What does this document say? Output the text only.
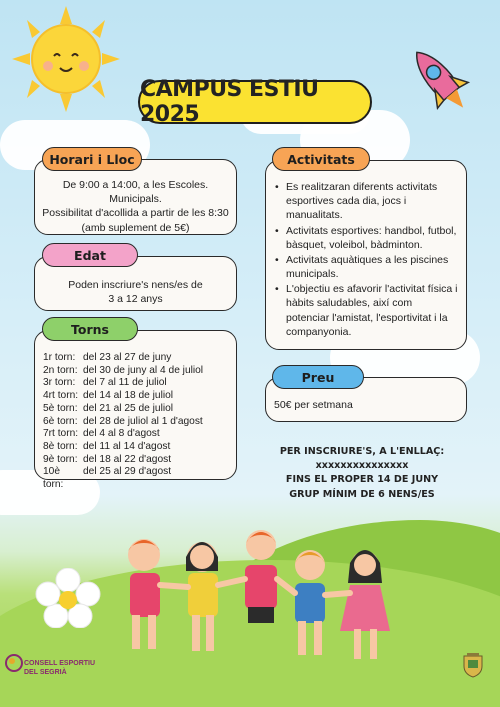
CAMPUS ESTIU 2025
De 9:00 a 14:00, a les Escoles.
Municipals.
Possibilitat d'acollida a partir de les 8:30
(amb suplement de 5€)
Horari i Lloc
Poden inscriure's nens/es de
3 a 12 anys
Edat
1r torn: del 23 al 27 de juny
2n torn: del 30 de juny al 4 de juliol
3r torn: del 7 al 11 de juliol
4rt torn: del 14 al 18 de juliol
5è torn: del 21 al 25 de juliol
6è torn: del 28 de juliol al 1 d'agost
7rt torn: del 4 al 8 d'agost
8è torn: del 11 al 14 d'agost
9è torn: del 18 al 22 d'agost
10è torn:
del 25 al 29 d'agost
Torns
• Es realitzaran diferents activitats esportives cada dia, jocs i manualitats.
• Activitats esportives: handbol, futbol, bàsquet, voleibol, bàdminton.
• Activitats aquàtiques a les piscines municipals.
• L'objectiu es afavorir l'activitat física i hàbits saludables, així com potenciar l'amistat, l'esportivitat i la companyonia.
Activitats
50€ per setmana
Preu
PER INSCRIURE'S, A L'ENLLAÇ:
xxxxxxxxxxxxxxx
FINS EL PROPER 14 DE JUNY
GRUP MÍNIM DE 6 NENS/ES
CONSELL ESPORTIU
DEL SEGRIÀ
